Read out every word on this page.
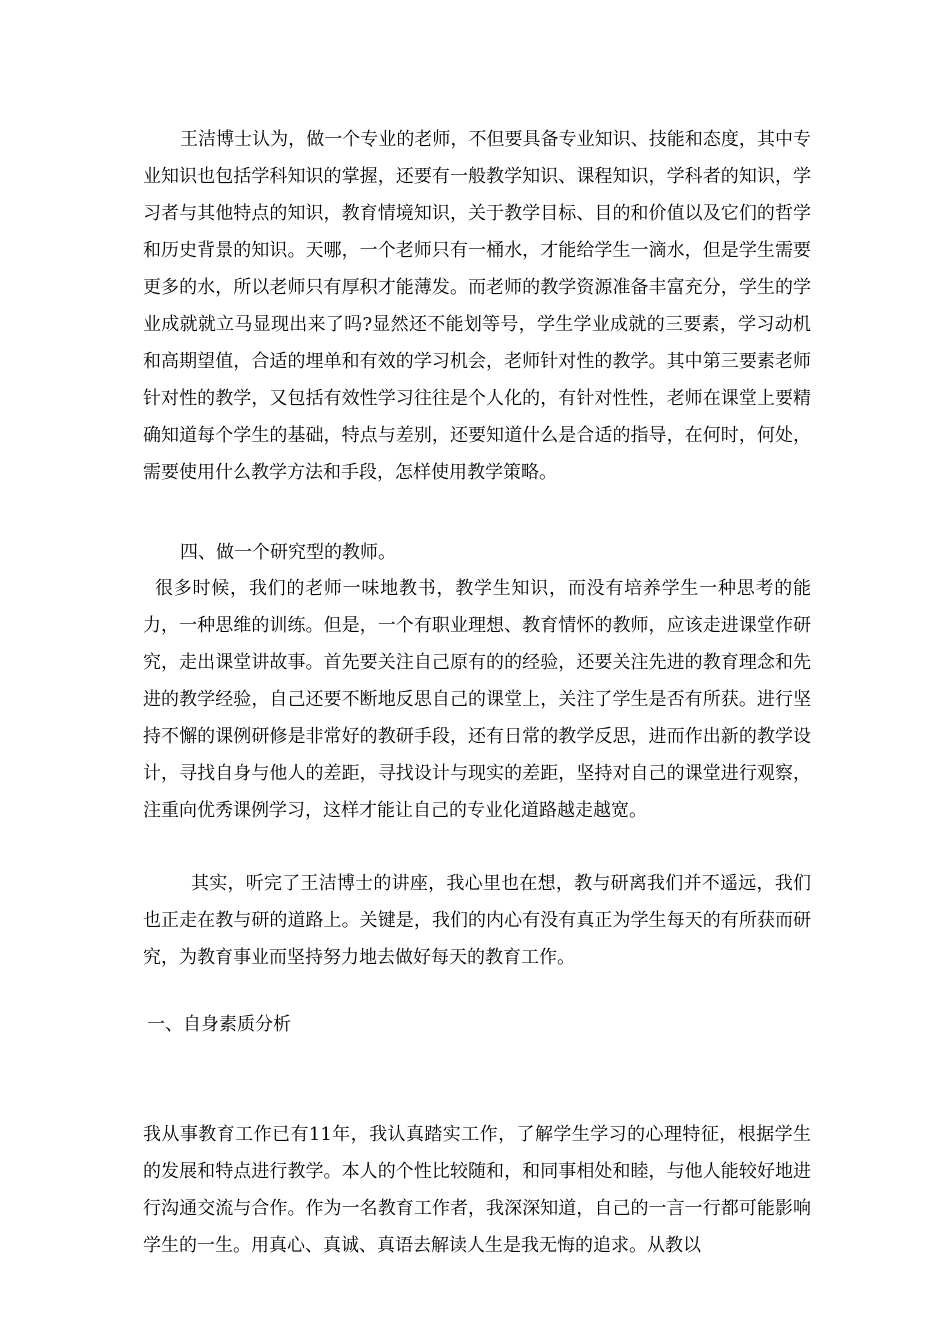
王洁博士认为，做一个专业的老师，不但要具备专业知识、技能和态度，其中专业知识也包括学科知识的掌握，还要有一般教学知识、课程知识，学科者的知识，学习者与其他特点的知识，教育情境知识，关于教学目标、目的和价值以及它们的哲学和历史背景的知识。天哪，一个老师只有一桶水，才能给学生一滴水，但是学生需要更多的水，所以老师只有厚积才能薄发。而老师的教学资源准备丰富充分，学生的学业成就就立马显现出来了吗?显然还不能划等号，学生学业成就的三要素，学习动机和高期望值，合适的埋单和有效的学习机会，老师针对性的教学。其中第三要素老师针对性的教学，又包括有效性学习往往是个人化的，有针对性性，老师在课堂上要精确知道每个学生的基础，特点与差别，还要知道什么是合适的指导，在何时，何处，需要使用什么教学方法和手段，怎样使用教学策略。

四、做一个研究型的教师。

很多时候，我们的老师一味地教书，教学生知识，而没有培养学生一种思考的能力，一种思维的训练。但是，一个有职业理想、教育情怀的教师，应该走进课堂作研究，走出课堂讲故事。首先要关注自己原有的的经验，还要关注先进的教育理念和先进的教学经验，自己还要不断地反思自己的课堂上，关注了学生是否有所获。进行坚持不懈的课例研修是非常好的教研手段，还有日常的教学反思，进而作出新的教学设计，寻找自身与他人的差距，寻找设计与现实的差距，坚持对自己的课堂进行观察，注重向优秀课例学习，这样才能让自己的专业化道路越走越宽。

其实，听完了王洁博士的讲座，我心里也在想，教与研离我们并不遥远，我们也正走在教与研的道路上。关键是，我们的内心有没有真正为学生每天的有所获而研究，为教育事业而坚持努力地去做好每天的教育工作。

一、自身素质分析

我从事教育工作已有11年，我认真踏实工作，了解学生学习的心理特征，根据学生的发展和特点进行教学。本人的个性比较随和，和同事相处和睦，与他人能较好地进行沟通交流与合作。作为一名教育工作者，我深深知道，自己的一言一行都可能影响学生的一生。用真心、真诚、真语去解读人生是我无悔的追求。从教以
